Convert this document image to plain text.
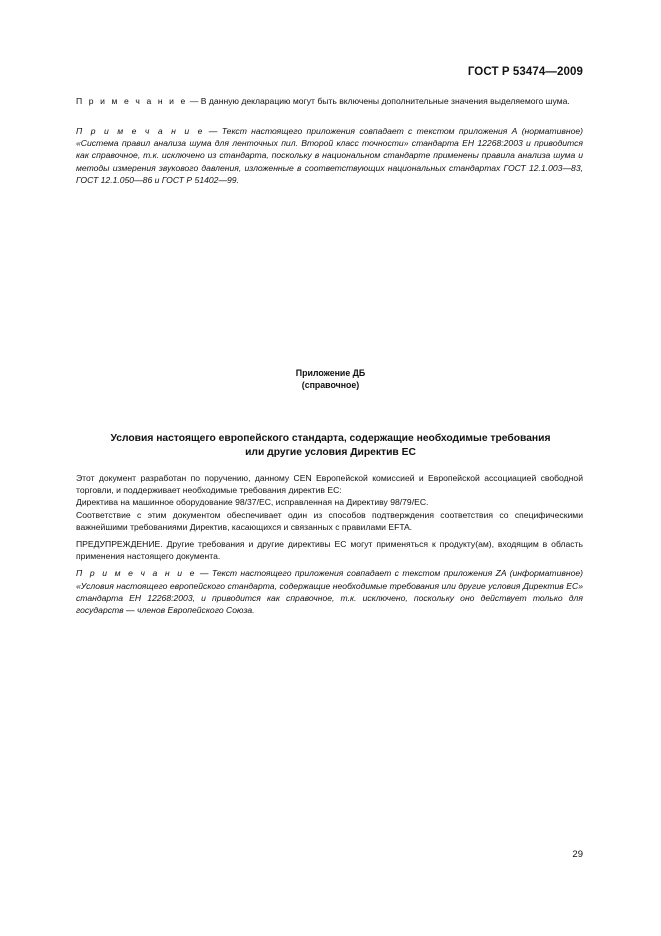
ГОСТ Р 53474—2009

П р и м е ч а н и е — В данную декларацию могут быть включены дополнительные значения выделяемого шума.

П р и м е ч а н и е — Текст настоящего приложения совпадает с текстом приложения А (нормативное) «Система правил анализа шума для ленточных пил. Второй класс точности» стандарта ЕН 12268:2003 и приводится как справочное, т.к. исключено из стандарта, поскольку в национальном стандарте применены правила анализа шума и методы измерения звукового давления, изложенные в соответствующих национальных стандартах ГОСТ 12.1.003—83, ГОСТ 12.1.050—86 и ГОСТ Р 51402—99.

Приложение ДБ
(справочное)
Условия настоящего европейского стандарта, содержащие необходимые требования
или другие условия Директив ЕС

Этот документ разработан по поручению, данному CEN Европейской комиссией и Европейской ассоциацией свободной торговли, и поддерживает необходимые требования директив ЕС:

Директива на машинное оборудование 98/37/ЕС, исправленная на Директиву 98/79/ЕС.

Соответствие с этим документом обеспечивает один из способов подтверждения соответствия со специфическими важнейшими требованиями Директив, касающихся и связанных с правилами EFTA.

ПРЕДУПРЕЖДЕНИЕ. Другие требования и другие директивы ЕС могут применяться к продукту(ам), входящим в область применения настоящего документа.

П р и м е ч а н и е — Текст настоящего приложения совпадает с текстом приложения ZA (информативное) «Условия настоящего европейского стандарта, содержащие необходимые требования или другие условия Директив ЕС» стандарта ЕН 12268:2003, и приводится как справочное, т.к. исключено, поскольку оно действует только для государств — членов Европейского Союза.

29
